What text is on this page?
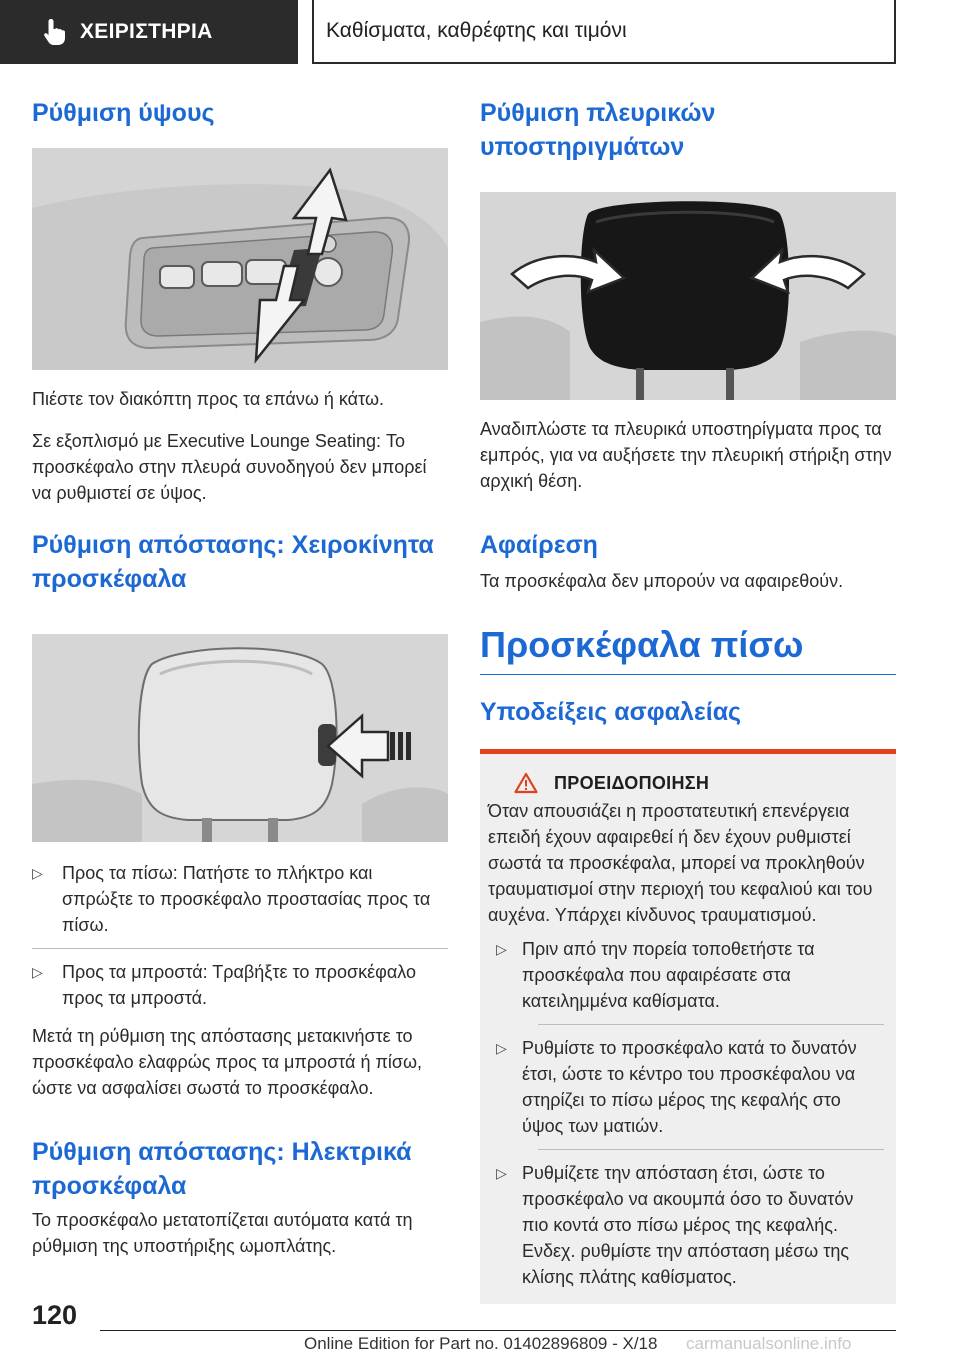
ΧΕΙΡΙΣΤΗΡΙΑ	Καθίσματα, καθρέφτης και τιμόνι
Ρύθμιση ύψους

Πιέστε τον διακόπτη προς τα επάνω ή κάτω.

Σε εξοπλισμό με Executive Lounge Seating: Το προσκέφαλο στην πλευρά συνοδηγού δεν μπορεί να ρυθμιστεί σε ύψος.

Ρύθμιση απόστασης: Χειροκίνητα προσκέφαλα
▷ Προς τα πίσω: Πατήστε το πλήκτρο και σπρώξτε το προσκέφαλο προστασίας προς τα πίσω.
▷ Προς τα μπροστά: Τραβήξτε το προσκέφαλο προς τα μπροστά.

Μετά τη ρύθμιση της απόστασης μετακινήστε το προσκέφαλο ελαφρώς προς τα μπροστά ή πίσω, ώστε να ασφαλίσει σωστά το προσκέφαλο.

Ρύθμιση απόστασης: Ηλεκτρικά προσκέφαλα

Το προσκέφαλο μετατοπίζεται αυτόματα κατά τη ρύθμιση της υποστήριξης ωμοπλάτης.

Ρύθμιση πλευρικών υποστηριγμάτων

Αναδιπλώστε τα πλευρικά υποστηρίγματα προς τα εμπρός, για να αυξήσετε την πλευρική στήριξη στην αρχική θέση.

Αφαίρεση

Τα προσκέφαλα δεν μπορούν να αφαιρεθούν.

Προσκέφαλα πίσω
Υποδείξεις ασφαλείας
ΠΡΟΕΙΔΟΠΟΙΗΣΗ

Όταν απουσιάζει η προστατευτική επενέργεια επειδή έχουν αφαιρεθεί ή δεν έχουν ρυθμιστεί σωστά τα προσκέφαλα, μπορεί να προκληθούν τραυματισμοί στην περιοχή του κεφαλιού και του αυχένα. Υπάρχει κίνδυνος τραυματισμού.

▷ Πριν από την πορεία τοποθετήστε τα προσκέφαλα που αφαιρέσατε στα κατειλημμένα καθίσματα.
▷ Ρυθμίστε το προσκέφαλο κατά το δυνατόν έτσι, ώστε το κέντρο του προσκέφαλου να στηρίζει το πίσω μέρος της κεφαλής στο ύψος των ματιών.
▷ Ρυθμίζετε την απόσταση έτσι, ώστε το προσκέφαλο να ακουμπά όσο το δυνατόν πιο κοντά στο πίσω μέρος της κεφαλής. Ενδεχ. ρυθμίστε την απόσταση μέσω της κλίσης πλάτης καθίσματος.
120
Online Edition for Part no. 01402896809 - X/18 carmanualsonline.info
